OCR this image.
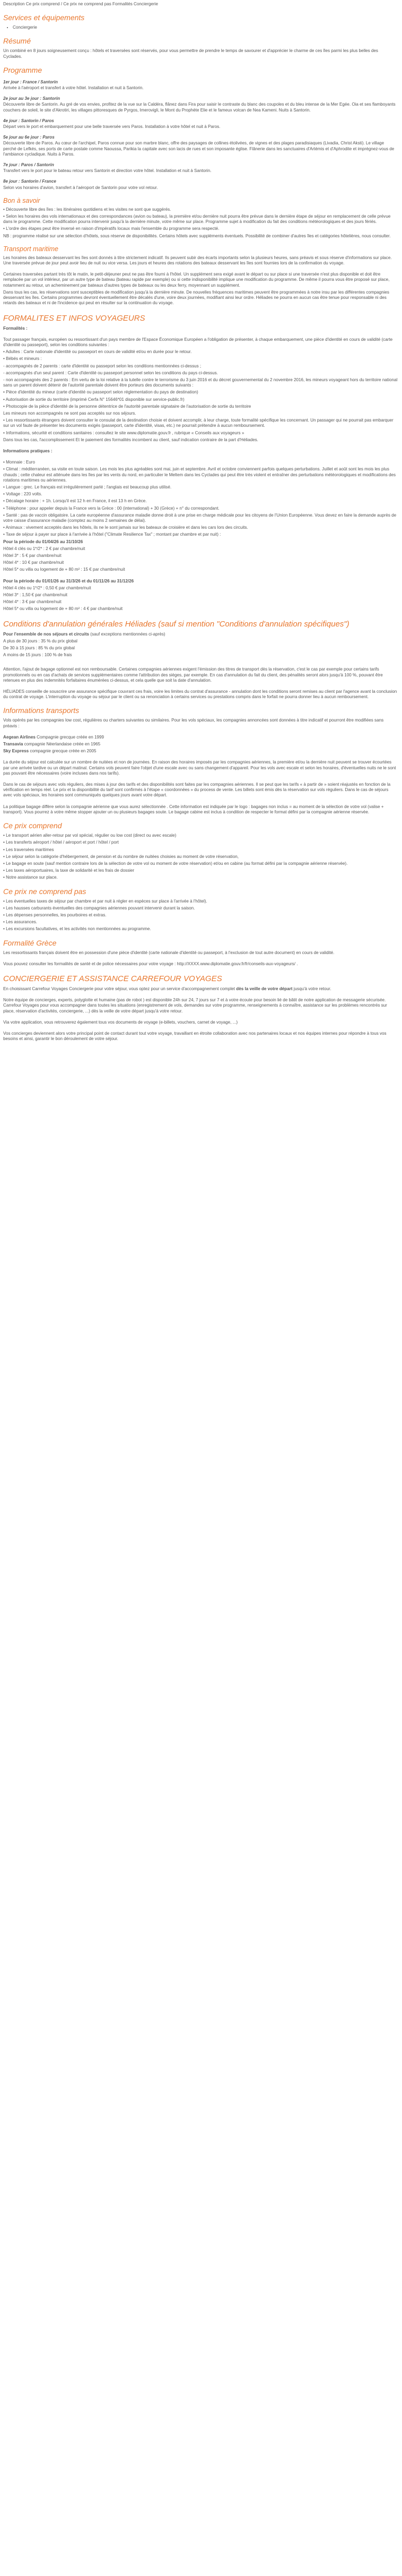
Description Ce prix comprend / Ce prix ne comprend pas Formalités Conciergerie

Services et équipements
• Conciergerie
Résumé

Un combiné en 8 jours soigneusement conçu : hôtels et traversées sont réservés, pour vous permettre de prendre le temps de savourer et d'apprécier le charme de ces îles parmi les plus belles des Cyclades.

Programme
1er jour : France / Santorin

Arrivée à l'aéroport et transfert à votre hôtel. Installation et nuit à Santorin.

2e jour au 3e jour : Santorin

Découverte libre de Santorin. Au gré de vos envies, profitez de la vue sur la Caldéra, flânez dans Fira pour saisir le contraste du blanc des coupoles et du bleu intense de la Mer Egée. Oia et ses flamboyants couchers de soleil, le site d'Akrotiri, les villages pittoresques de Pyrgos, Imerovigli, le Mont du Prophète Elie et le fameux volcan de Nea Kameni. Nuits à Santorin.

4e jour : Santorin / Paros

Départ vers le port et embarquement pour une belle traversée vers Paros. Installation à votre hôtel et nuit à Paros.

5e jour au 6e jour : Paros

Découverte libre de Paros. Au cœur de l'archipel, Paros connue pour son marbre blanc, offre des paysages de collines étolivées, de vignes et des plages paradisiaques (Livadia, Christ Aksti). Le village perché de Lefkés, ses ports de carte postale comme Naoussa, Parikia la capitale avec son lacis de rues et son imposante église. Flânerie dans les sanctuaires d'Artémis et d'Aphrodite et imprégnez-vous de l'ambiance cycladique. Nuits à Paros.

7e jour : Paros / Santorin

Transfert vers le port pour le bateau retour vers Santorin et direction votre hôtel. Installation et nuit à Santorin.

8e jour : Santorin / France

Selon vos horaires d'avion, transfert à l'aéroport de Santorin pour votre vol retour.

Bon à savoir

• Découverte libre des îles : les itinéraires quotidiens et les visites ne sont que suggérés.

• Selon les horaires des vols internationaux et des correspondances (avion ou bateau), la première et/ou dernière nuit pourra être prévue dans le dernière étape de séjour en remplacement de celle prévue dans le programme. Cette modification pourra intervenir jusqu'à la dernière minute, votre même sur place. Programme sujet à modification du fait des conditions météorologiques et des jours fériés.

• L'ordre des étapes peut être inversé en raison d'impératifs locaux mais l'ensemble du programme sera respecté.

NB : programme réalisé sur une sélection d'hôtels, sous réserve de disponibilités. Certains hôtels avec suppléments éventuels. Possibilité de combiner d'autres îles et catégories hôtelières, nous consulter.

Transport maritime

Les horaires des bateaux desservant les îles sont donnés à titre strictement indicatif. Ils peuvent subir des écarts importants selon la plusieurs heures, sans préavis et sous réserve d'informations sur place. Une traversée prévue de jour peut avoir lieu de nuit ou vice versa. Les jours et heures des rotations des bateaux desservant les îles sont fournies lors de la confirmation du voyage.

Certaines traversées partant très tôt le matin, le petit-déjeuner peut ne pas être fourni à l'hôtel. Un supplément sera exigé avant le départ ou sur place si une traversée n'est plus disponible et doit être remplacée par un vol intérieur, par un autre type de bateau (bateau rapide par exemple) ou si cette indisponibilité implique une modification du programme. De même il pourra vous être proposé sur place, notamment au retour, un acheminement par bateaux d'autres types de bateaux ou les deux ferry, moyennant un supplément.

Dans tous les cas, les réservations sont susceptibles de modification jusqu'à la dernière minute. De nouvelles fréquences maritimes peuvent être programmées à notre insu par les différentes compagnies desservant les îles. Certains programmes devront éventuellement être décalés d'une, voire deux journées, modifiant ainsi leur ordre. Héliades ne pourra en aucun cas être tenue pour responsable ni des retards des bateaux et ni de l'incidence qui peut en résulter sur la continuation du voyage.

FORMALITES ET INFOS VOYAGEURS

Formalités :

Tout passager français, européen ou ressortissant d'un pays membre de l'Espace Économique Européen a l'obligation de présenter, à chaque embarquement, une pièce d'identité en cours de validité (carte d'identité ou passeport), selon les conditions suivantes :

• Adultes : Carte nationale d'identité ou passeport en cours de validité et/ou en durée pour le retour.

• Bébés et mineurs :

- accompagnés de 2 parents : carte d'identité ou passeport selon les conditions mentionnées ci-dessus ;

- accompagnés d'un seul parent : Carte d'identité ou passeport personnel selon les conditions du pays ci-dessus.

- non accompagnés des 2 parents : Em vertu de la loi relative à la tutelle contre le terrorisme du 3 juin 2016 et du décret gouvernemental du 2 novembre 2016, les mineurs voyageant hors du territoire national sans un parent doivent détenir de l'autorité parentale doivent être porteurs des documents suivants :

• Pièce d'identité du mineur (carte d'identité ou passeport selon réglementation du pays de destination)

• Autorisation de sortie du territoire (imprimé Cerfa N° 15646*01 disponible sur service-public.fr)

• Photocopie de la pièce d'identité de la personne détentrice de l'autorité parentale signataire de l'autorisation de sortie du territoire

Les mineurs non accompagnés ne sont pas acceptés sur nos séjours.

• Les ressortissants étrangers doivent consulter le consulat de la destination choisie et doivent accomplir, à leur charge, toute formalité spécifique les concernant. Un passager qui ne pourrait pas embarquer sur un vol faute de présenter les documents exigés (passeport, carte d'identité, visas, etc.) ne pourrait prétendre à aucun remboursement.

• Informations, sécurité et conditions sanitaires : consultez le site www.diplomatie.gouv.fr , rubrique « Conseils aux voyageurs »

Dans tous les cas, l'accomplissement Et le paiement des formalités incombent au client, sauf indication contraire de la part d'Héliades.

Informations pratiques :

• Monnaie : Euro

• Climat : méditerranéen, sa visite en toute saison. Les mois les plus agréables sont mai, juin et septembre. Avril et octobre conviennent parfois quelques perturbations. Juillet et août sont les mois les plus chauds ; cette chaleur est atténuée dans les îles par les vents du nord, en particulier le Meltem dans les Cyclades qui peut être très violent et entraîner des perturbations météorologiques et modifications des rotations maritimes ou aériennes.

• Langue : grec. Le français est irrégulièrement parlé ; l'anglais est beaucoup plus utilisé.

• Voltage : 220 volts.

• Décalage horaire : + 1h. Lorsqu'il est 12 h en France, il est 13 h en Grèce.

• Téléphone : pour appeler depuis la France vers la Grèce : 00 (international) + 30 (Grèce) + n° du correspondant.

• Santé : pas de vaccin obligatoire. La carte européenne d'assurance maladie donne droit à une prise en charge médicale pour les citoyens de l'Union Européenne. Vous devez en faire la demande auprès de votre caisse d'assurance maladie (comptez au moins 2 semaines de délai).

• Animaux : vivement acceptés dans les hôtels, ils ne le sont jamais sur les bateaux de croisière et dans les cars lors des circuits.

• Taxe de séjour à payer sur place à l'arrivée à l'hôtel ("Climate Resilience Tax" ; montant par chambre et par nuit) :

Pour la période du 01/04/26 au 31/10/26

Hôtel 4 clés ou 1*/2* : 2 € par chambre/nuit

Hôtel 3* : 5 € par chambre/nuit

Hôtel 4* : 10 € par chambre/nuit

Hôtel 5* ou villa ou logement de + 80 m² : 15 € par chambre/nuit

Pour la période du 01/01/26 au 31/3/26 et du 01/11/26 au 31/12/26

Hôtel 4 clés ou 1*/2* : 0,50 € par chambre/nuit

Hôtel 3* : 1,50 € par chambre/nuit

Hôtel 4* : 3 € par chambre/nuit

Hôtel 5* ou villa ou logement de + 80 m² : 4 € par chambre/nuit

Conditions d'annulation générales Héliades (sauf si mention "Conditions d'annulation spécifiques")

Pour l'ensemble de nos séjours et circuits (sauf exceptions mentionnées ci-après)

A plus de 30 jours : 35 % du prix global

De 30 à 15 jours : 85 % du prix global

A moins de 15 jours : 100 % de frais

Attention, l'ajout de bagage optionnel est non remboursable. Certaines compagnies aériennes exigent l'émission des titres de transport dès la réservation, c'est le cas par exemple pour certains tarifs promotionnels ou en cas d'achats de services supplémentaires comme l'attribution des sièges, par exemple. En cas d'annulation du fait du client, des pénalités seront alors jusqu'à 100 %, pouvant être retenues en plus des indemnités forfaitaires énumérées ci-dessus, et cela quelle que soit la date d'annulation.

HÉLIADES conseille de souscrire une assurance spécifique couvrant ces frais, voire les limites du contrat d'assurance - annulation dont les conditions seront remises au client par l'agence avant la conclusion du contrat de voyage. L'interruption du voyage ou séjour par le client ou sa renonciation à certains services ou prestations compris dans le forfait ne pourra donner lieu à aucun remboursement.

Informations transports

Vols opérés par les compagnies low cost, régulières ou charters suivantes ou similaires. Pour les vols spéciaux, les compagnies annoncées sont données à titre indicatif et pourront être modifiées sans préavis :

Aegean Airlines Compagnie grecque créée en 1999

Transavia compagnie Néerlandaise créée en 1965

Sky Express compagnie grecque créée en 2005

La durée du séjour est calculée sur un nombre de nuitées et non de journées. En raison des horaires imposés par les compagnies aériennes, la première et/ou la dernière nuit peuvent se trouver écourtées par une arrivée tardive ou un départ matinal. Certains vols peuvent faire l'objet d'une escale avec ou sans changement d'appareil. Pour les vols avec escale et selon les horaires, d'éventuelles nuits ne le sont pas pouvant être nécessaires (voire incluses dans nos tarifs).

Dans le cas de séjours avec vols réguliers, des mises à jour des tarifs et des disponibilités sont faites par les compagnies aériennes. Il se peut que les tarifs « à partir de » soient réajustés en fonction de la vérification en temps réel. Le prix et la disponibilité du tarif sont confirmés à l'étape « coordonnées » du process de vente. Les billets sont émis dès la réservation sur vols réguliers. Dans le cas de séjours avec vols spéciaux, les horaires sont communiqués quelques jours avant votre départ.

La politique bagage diffère selon la compagnie aérienne que vous aurez sélectionnée . Cette information est indiquée par le logo : bagages non inclus = au moment de la sélection de votre vol (valise + transport). Vous pourrez à votre même stopper ajouter un ou plusieurs bagages soute. Le bagage cabine est inclus à condition de respecter le format défini par la compagnie aérienne réservée.

Ce prix comprend

• Le transport aérien aller-retour par vol spécial, régulier ou low cost (direct ou avec escale)

• Les transferts aéroport / hôtel / aéroport et port / hôtel / port

• Les traversées maritimes

• Le séjour selon la catégorie d'hébergement, de pension et du nombre de nuitées choisies au moment de votre réservation,

• Le bagage en soute (sauf mention contraire lors de la sélection de votre vol ou moment de votre réservation) et/ou en cabine (au format défini par la compagnie aérienne réservée).

• Les taxes aéroportuaires, la taxe de solidarité et les frais de dossier

• Notre assistance sur place.

Ce prix ne comprend pas

• Les éventuelles taxes de séjour par chambre et par nuit à régler en espèces sur place à l'arrivée à l'hôtel).

• Les hausses carburants éventuelles des compagnies aériennes pouvant intervenir durant la saison.

• Les dépenses personnelles, les pourboires et extras.

• Les assurances.

• Les excursions facultatives, et les activités non mentionnées au programme.

Formalité Grèce

Les ressortissants français doivent être en possession d'une pièce d'identité (carte nationale d'identité ou passeport, à l'exclusion de tout autre document) en cours de validité.

Vous pouvez consulter les formalités de santé et de police nécessaires pour votre voyage : http://XXXX.www.diplomatie.gouv.fr/fr/conseils-aux-voyageurs/ .

CONCIERGERIE ET ASSISTANCE CARREFOUR VOYAGES

En choisissant Carrefour Voyages Conciergerie pour votre séjour, vous optez pour un service d'accompagnement complet dès la veille de votre départ jusqu'à votre retour.

Notre équipe de concierges, experts, polyglotte et humaine (pas de robot ) est disponible 24h sur 24, 7 jours sur 7 et à votre écoute pour besoin lié de bâtit de notre application de messagerie sécurisée. Carrefour Voyages pour vous accompagner dans toutes les situations (enregistrement de vols, demandes sur votre programme, renseignements à connaître, assistance sur les problèmes rencontrés sur place, réservation d'activités, conciergerie, ...) dès la veille de votre départ jusqu'à votre retour.

Via votre application, vous retrouverez également tous vos documents de voyage (e-billets, vouchers, carnet de voyage, ...)

Vos concierges deviennent alors votre principal point de contact durant tout votre voyage, travaillant en étroite collaboration avec nos partenaires locaux et nos équipes internes pour répondre à tous vos besoins et ainsi, garantir le bon déroulement de votre séjour.
